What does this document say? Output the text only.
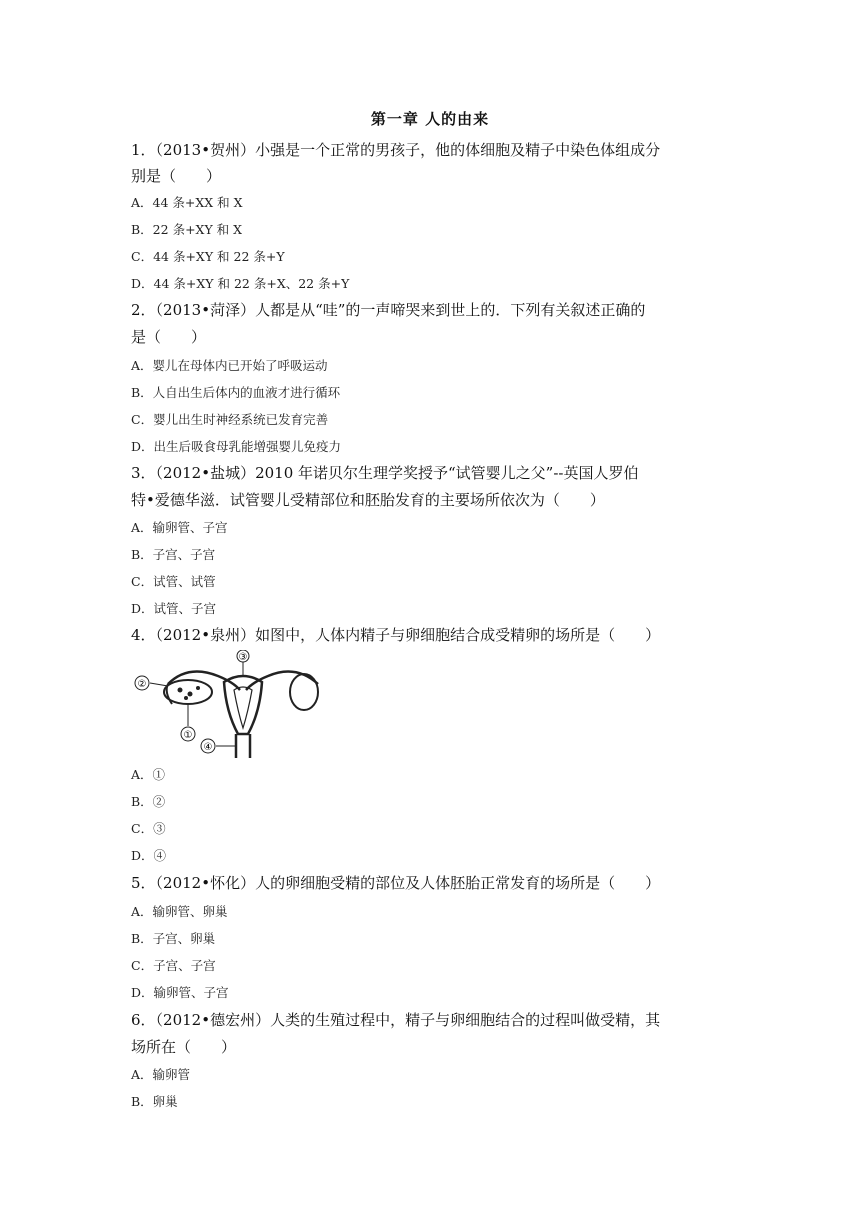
第一章 人的由来
1．（2013•贺州）小强是一个正常的男孩子，他的体细胞及精子中染色体组成分
别是（　　）
A．44 条+XX 和 X
B．22 条+XY 和 X
C．44 条+XY 和 22 条+Y
D．44 条+XY 和 22 条+X、22 条+Y
2．（2013•菏泽）人都是从“哇”的一声啼哭来到世上的．下列有关叙述正确的
是（　　）
A．婴儿在母体内已开始了呼吸运动
B．人自出生后体内的血液才进行循环
C．婴儿出生时神经系统已发育完善
D．出生后吸食母乳能增强婴儿免疫力
3．（2012•盐城）2010 年诺贝尔生理学奖授予“试管婴儿之父”--英国人罗伯
特•爱德华滋．试管婴儿受精部位和胚胎发育的主要场所依次为（　　）
A．输卵管、子宫
B．子宫、子宫
C．试管、试管
D．试管、子宫
4．（2012•泉州）如图中，人体内精子与卵细胞结合成受精卵的场所是（　　）
②
①
③
④
A．①
B．②
C．③
D．④
5．（2012•怀化）人的卵细胞受精的部位及人体胚胎正常发育的场所是（　　）
A．输卵管、卵巢
B．子宫、卵巢
C．子宫、子宫
D．输卵管、子宫
6．（2012•德宏州）人类的生殖过程中，精子与卵细胞结合的过程叫做受精，其
场所在（　　）
A．输卵管
B．卵巢
